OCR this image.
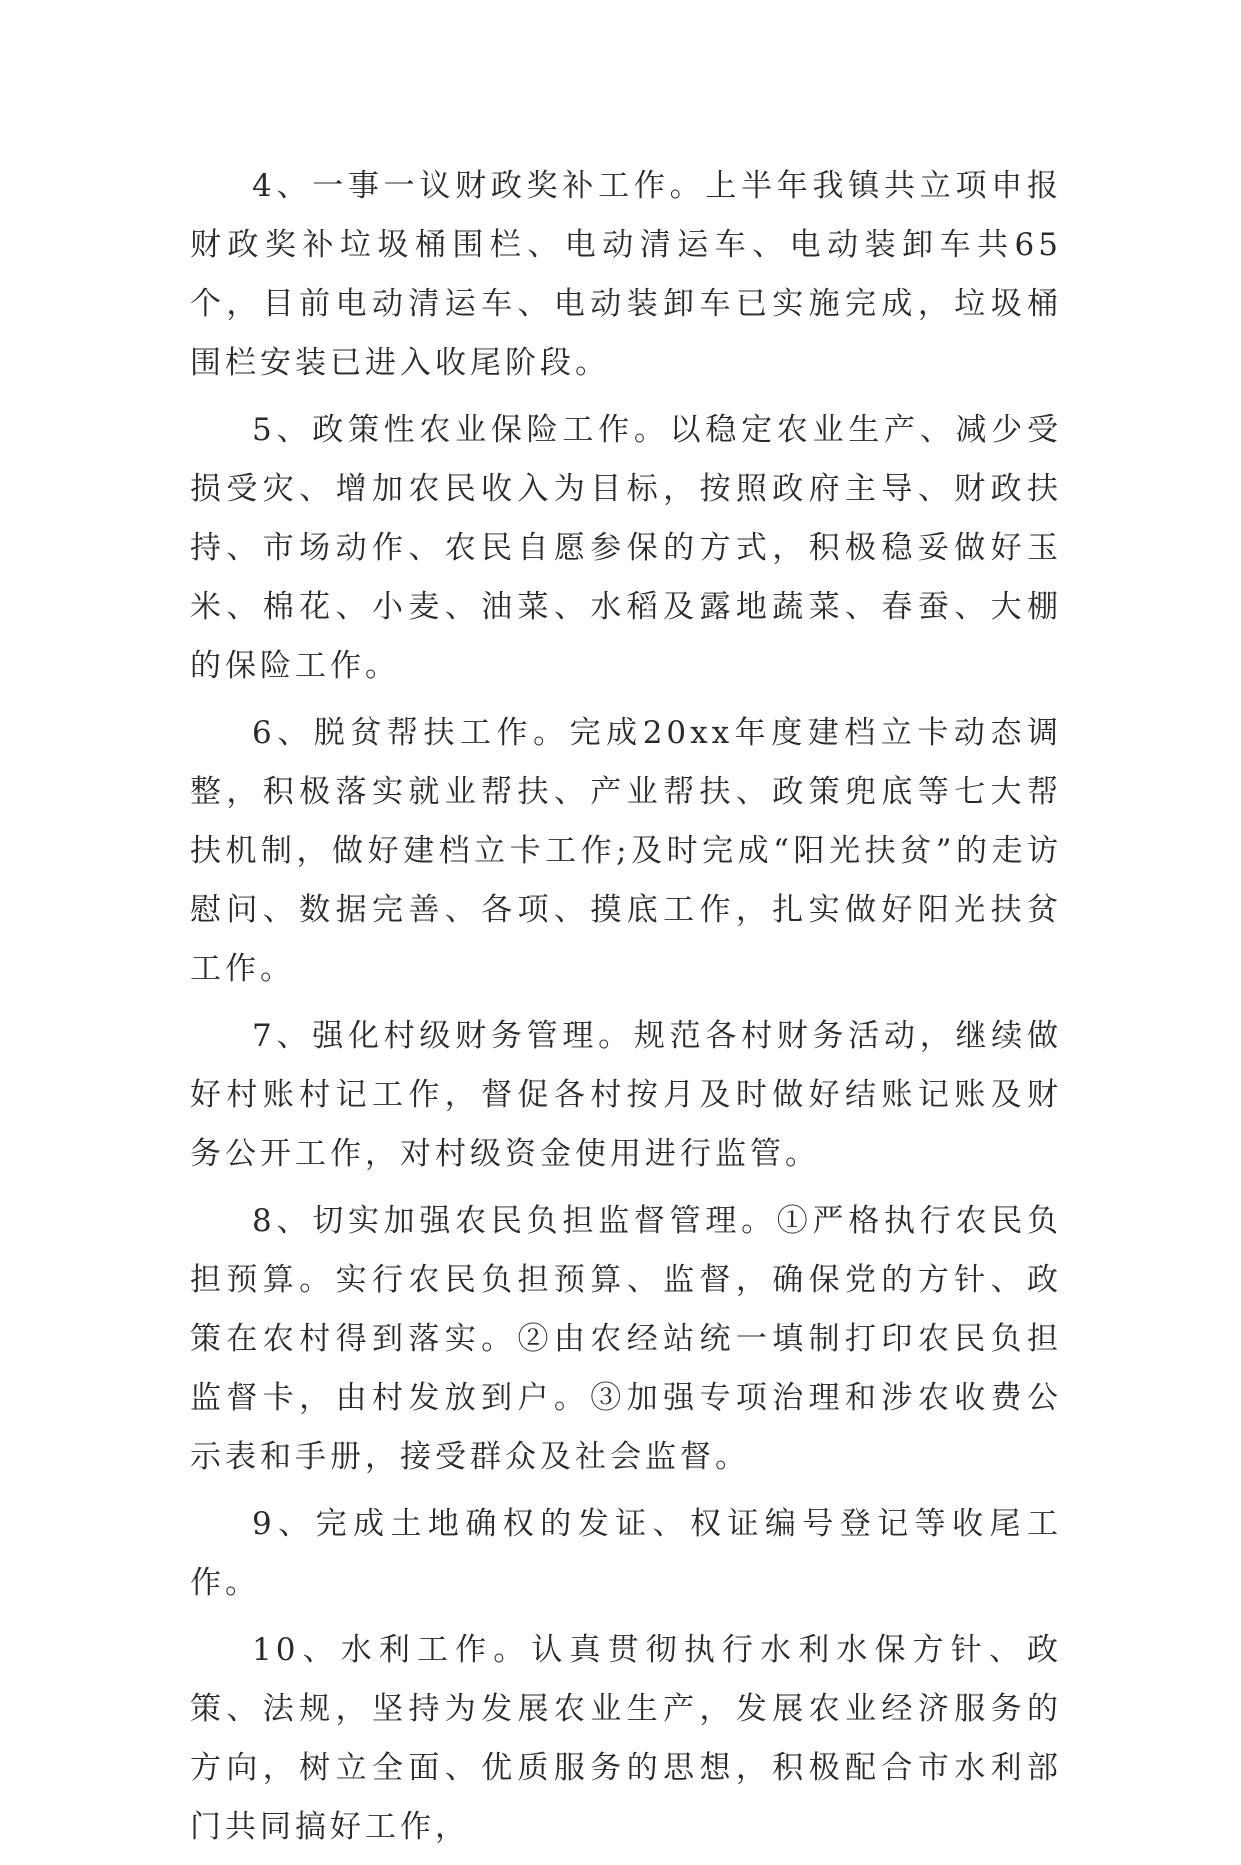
4、一事一议财政奖补工作。上半年我镇共立项申报财政奖补垃圾桶围栏、电动清运车、电动装卸车共65个，目前电动清运车、电动装卸车已实施完成，垃圾桶围栏安装已进入收尾阶段。

5、政策性农业保险工作。以稳定农业生产、减少受损受灾、增加农民收入为目标，按照政府主导、财政扶持、市场动作、农民自愿参保的方式，积极稳妥做好玉米、棉花、小麦、油菜、水稻及露地蔬菜、春蚕、大棚的保险工作。

6、脱贫帮扶工作。完成20xx年度建档立卡动态调整，积极落实就业帮扶、产业帮扶、政策兜底等七大帮扶机制，做好建档立卡工作;及时完成“阳光扶贫”的走访慰问、数据完善、各项、摸底工作，扎实做好阳光扶贫工作。

7、强化村级财务管理。规范各村财务活动，继续做好村账村记工作，督促各村按月及时做好结账记账及财务公开工作，对村级资金使用进行监管。

8、切实加强农民负担监督管理。①严格执行农民负担预算。实行农民负担预算、监督，确保党的方针、政策在农村得到落实。②由农经站统一填制打印农民负担监督卡，由村发放到户。③加强专项治理和涉农收费公示表和手册，接受群众及社会监督。

9、完成土地确权的发证、权证编号登记等收尾工作。

10、水利工作。认真贯彻执行水利水保方针、政策、法规，坚持为发展农业生产，发展农业经济服务的方向，树立全面、优质服务的思想，积极配合市水利部门共同搞好工作，
